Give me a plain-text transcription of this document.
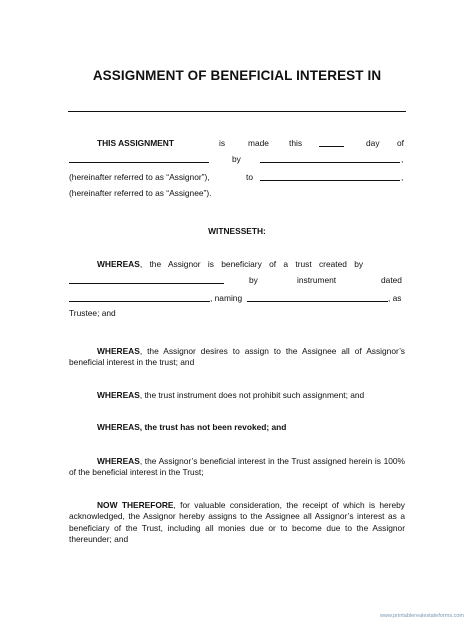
ASSIGNMENT OF BENEFICIAL INTEREST IN
THIS ASSIGNMENT	is	made this	day of
by	,
(hereinafter referred to as “Assignor”),	to	,
(hereinafter referred to as “Assignee”).
WITNESSETH:
WHEREAS, the Assignor is beneficiary of a trust created by
by	instrument	dated
, naming	, as
Trustee; and
WHEREAS, the Assignor desires to assign to the Assignee all of Assignor’s beneficial interest in the trust; and
WHEREAS, the trust instrument does not prohibit such assignment; and
WHEREAS, the trust has not been revoked; and
WHEREAS, the Assignor’s beneficial interest in the Trust assigned herein is 100% of the beneficial interest in the Trust;
NOW THEREFORE, for valuable consideration, the receipt of which is hereby acknowledged, the Assignor hereby assigns to the Assignee all Assignor’s interest as a beneficiary of the Trust, including all monies due or to become due to the Assignor thereunder; and
www.printablerealestateforms.com
